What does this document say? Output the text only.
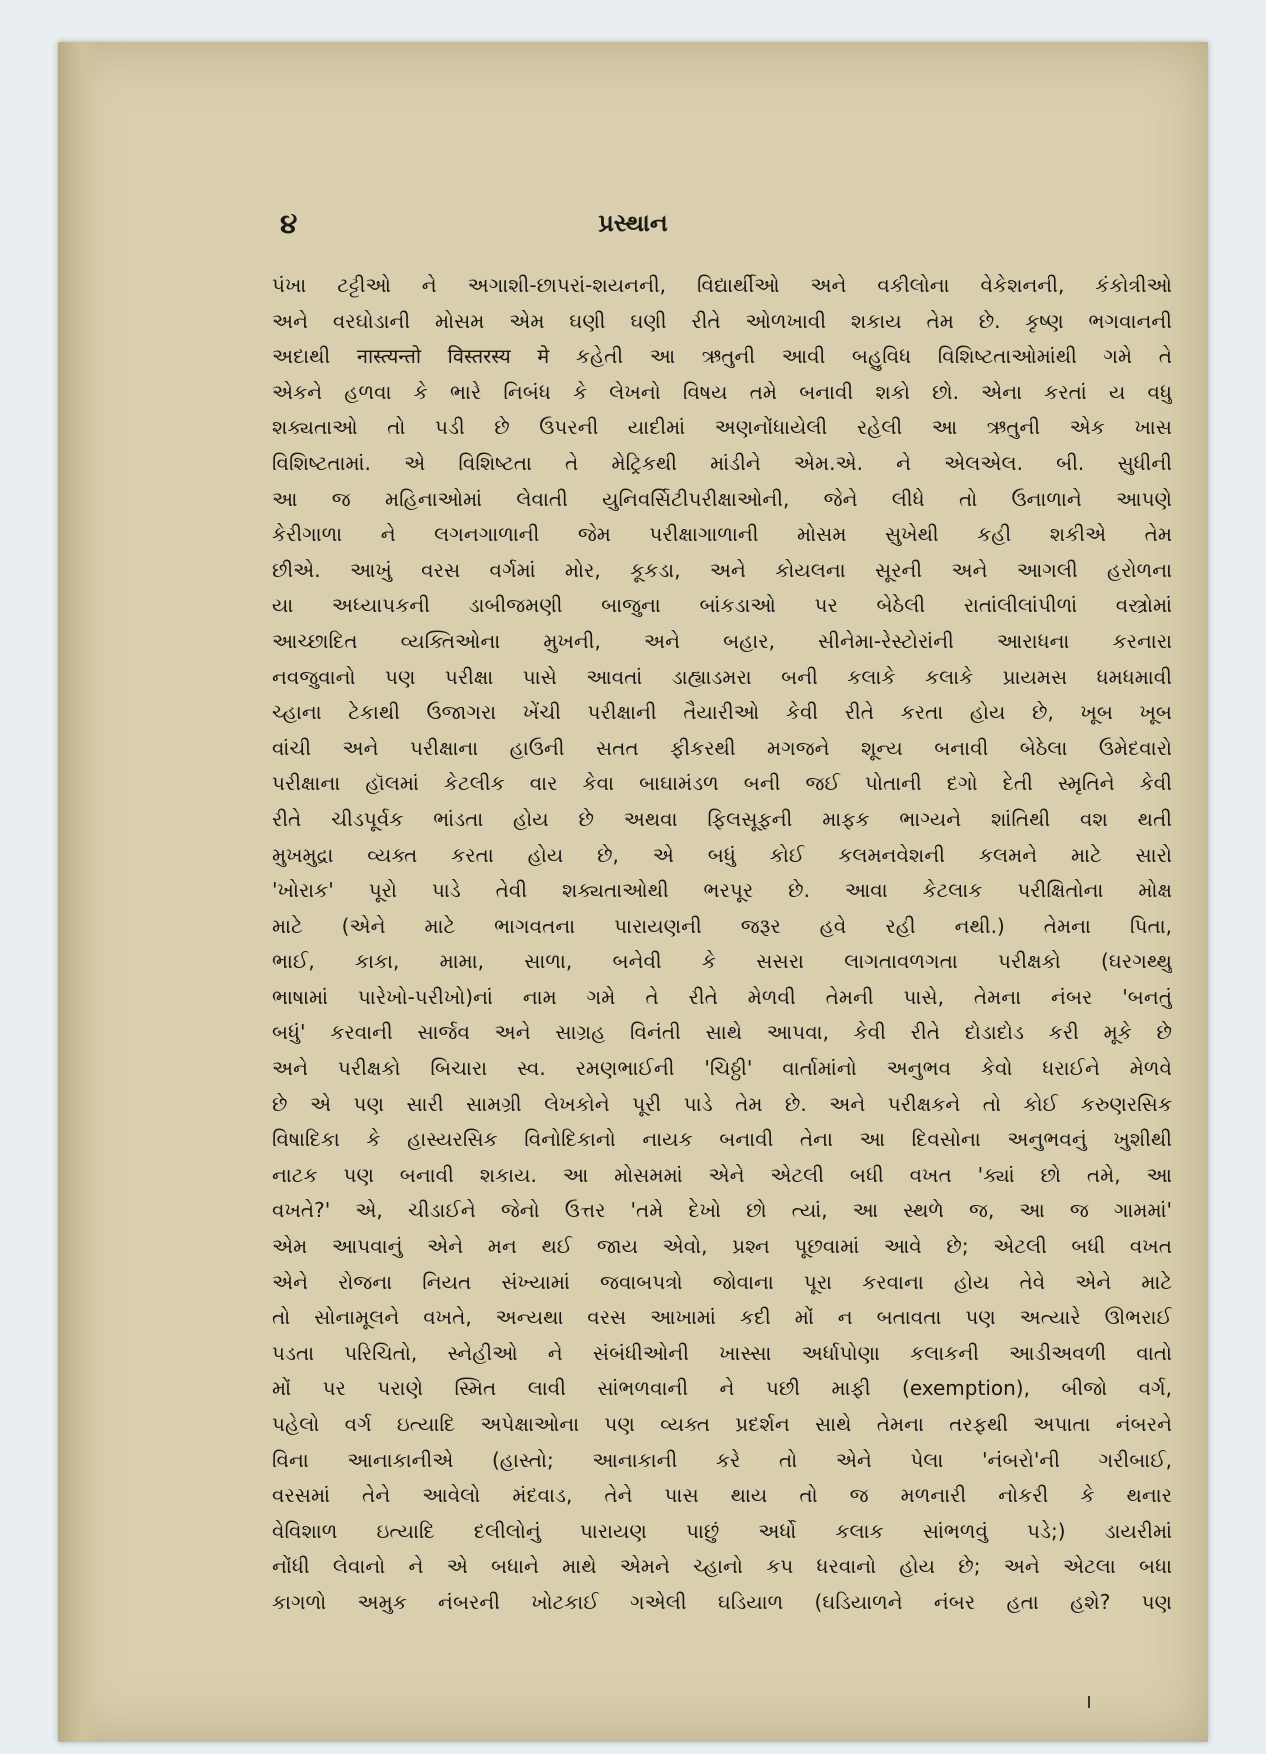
૪	પ્રસ્થાન
પંખા ટટ્ટીઓ ને અગાશી-છાપરાં-શયનની, વિદ્યાર્થીઓ અને વકીલોના વેકેશનની, કંકોત્રીઓ
અને વરઘોડાની મોસમ એમ ઘણી ઘણી રીતે ઓળખાવી શકાય તેમ છે. કૃષ્ણ ભગવાનની
અદાથી नास्त्यन्तो विस्तरस्य मे કહેતી આ ઋતુની આવી બહુવિધ વિશિષ્ટતાઓમાંથી ગમે તે
એકને હળવા કે ભારે નિબંધ કે લેખનો વિષય તમે બનાવી શકો છો. એના કરતાં ય વધુ
શક્યતાઓ તો પડી છે ઉપરની યાદીમાં અણનોંધાયેલી રહેલી આ ઋતુની એક ખાસ
વિશિષ્ટતામાં. એ વિશિષ્ટતા તે મેટ્રિકથી માંડીને એમ.એ. ને એલએલ. બી. સુધીની
આ જ મહિનાઓમાં લેવાતી યુનિવર્સિટીપરીક્ષાઓની, જેને લીધે તો ઉનાળાને આપણે
કેરીગાળા ને લગનગાળાની જેમ પરીક્ષાગાળાની મોસમ સુખેથી કહી શકીએ તેમ
છીએ. આખું વરસ વર્ગમાં મોર, કૂકડા, અને કોયલના સૂરની અને આગલી હરોળના
યા અધ્યાપકની ડાબીજમણી બાજુના બાંકડાઓ પર બેઠેલી રાતાંલીલાંપીળાં વસ્ત્રોમાં
આચ્છાદિત વ્યક્તિઓના મુખની, અને બહાર, સીનેમા-રેસ્ટોરાંની આરાધના કરનારા
નવજુવાનો પણ પરીક્ષા પાસે આવતાં ડાહ્યાડમરા બની કલાકે કલાકે પ્રાયમસ ધમધમાવી
ચ્હાના ટેકાથી ઉજાગરા ખેંચી પરીક્ષાની તૈયારીઓ કેવી રીતે કરતા હોય છે, ખૂબ ખૂબ
વાંચી અને પરીક્ષાના હાઉની સતત ફીકરથી મગજને શૂન્ય બનાવી બેઠેલા ઉમેદવારો
પરીક્ષાના હૉલમાં કેટલીક વાર કેવા બાઘામંડળ બની જઈ પોતાની દગો દેતી સ્મૃતિને કેવી
રીતે ચીડપૂર્વક ભાંડતા હોય છે અથવા ફિલસૂફની માફક ભાગ્યને શાંતિથી વશ થતી
મુખમુદ્રા વ્યક્ત કરતા હોય છે, એ બધું કોઈ કલમનવેશની કલમને માટે સારો
'ખોરાક' પૂરો પાડે તેવી શક્યતાઓથી ભરપૂર છે. આવા કેટલાક પરીક્ષિતોના મોક્ષ
માટે (એને માટે ભાગવતના પારાયણની જરૂર હવે રહી નથી.) તેમના પિતા,
ભાઈ, કાકા, મામા, સાળા, બનેવી કે સસરા લાગતાવળગતા પરીક્ષકો (ઘરગથ્થુ
ભાષામાં પારેખો-પરીખો)નાં નામ ગમે તે રીતે મેળવી તેમની પાસે, તેમના નંબર 'બનતું
બધું' કરવાની સાર્જવ અને સાગ્રહ વિનંતી સાથે આપવા, કેવી રીતે દોડાદોડ કરી મૂકે છે
અને પરીક્ષકો બિચારા સ્વ. રમણભાઈની 'ચિઠ્ઠી' વાર્તામાંનો અનુભવ કેવો ધરાઈને મેળવે
છે એ પણ સારી સામગ્રી લેખકોને પૂરી પાડે તેમ છે. અને પરીક્ષકને તો કોઈ કરુણરસિક
વિષાદિકા કે હાસ્યરસિક વિનોદિકાનો નાયક બનાવી તેના આ દિવસોના અનુભવનું ખુશીથી
નાટક પણ બનાવી શકાય. આ મોસમમાં એને એટલી બધી વખત 'ક્યાં છો તમે, આ
વખતે?' એ, ચીડાઈને જેનો ઉત્તર 'તમે દેખો છો ત્યાં, આ સ્થળે જ, આ જ ગામમાં'
એમ આપવાનું એને મન થઈ જાય એવો, પ્રશ્ન પૂછવામાં આવે છે; એટલી બધી વખત
એને રોજના નિયત સંખ્યામાં જવાબપત્રો જોવાના પૂરા કરવાના હોય તેવે એને માટે
તો સોનામૂલને વખતે, અન્યથા વરસ આખામાં કદી મોં ન બતાવતા પણ અત્યારે ઊભરાઈ
પડતા પરિચિતો, સ્નેહીઓ ને સંબંધીઓની ખાસ્સા અર્ધાપોણા કલાકની આડીઅવળી વાતો
મોં પર પરાણે સ્મિત લાવી સાંભળવાની ને પછી માફી (exemption), બીજો વર્ગ,
પહેલો વર્ગ ઇત્યાદિ અપેક્ષાઓના પણ વ્યક્ત પ્રદર્શન સાથે તેમના તરફથી અપાતા નંબરને
વિના આનાકાનીએ (હાસ્તો; આનાકાની કરે તો એને પેલા 'નંબરો'ની ગરીબાઈ,
વરસમાં તેને આવેલો મંદવાડ, તેને પાસ થાય તો જ મળનારી નોકરી કે થનાર
વેવિશાળ ઇત્યાદિ દલીલોનું પારાયણ પાછું અર્ધો કલાક સાંભળવું પડે;) ડાયરીમાં
નોંધી લેવાનો ને એ બધાને માથે એમને ચ્હાનો કપ ધરવાનો હોય છે; અને એટલા બધા
કાગળો અમુક નંબરની ખોટકાઈ ગએલી ઘડિયાળ (ઘડિયાળને નંબર હતા હશે? પણ
